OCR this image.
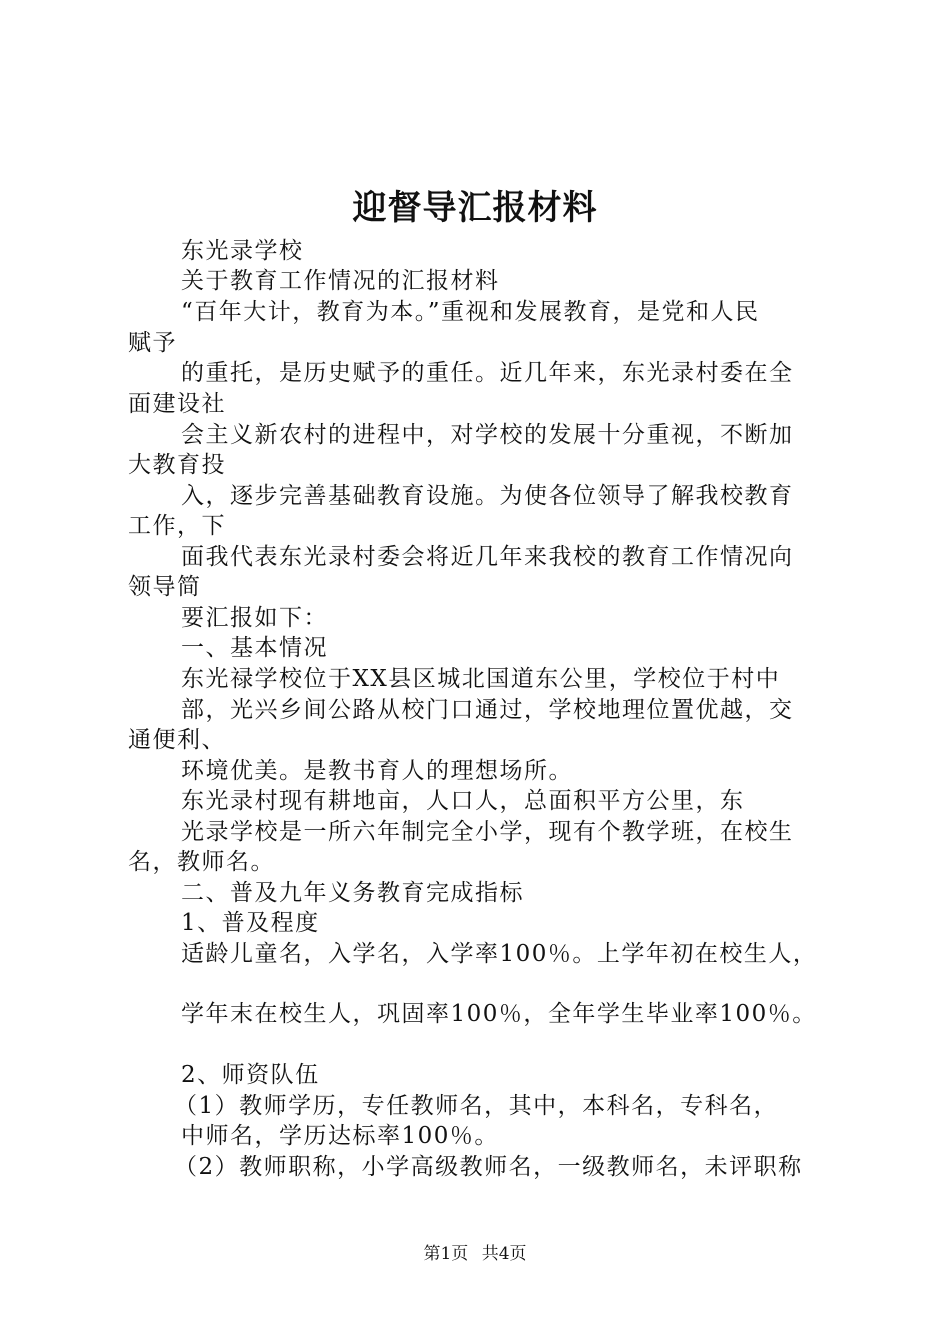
迎督导汇报材料
东光录学校
关于教育工作情况的汇报材料
“百年大计，教育为本。”重视和发展教育，是党和人民
赋予
的重托，是历史赋予的重任。近几年来，东光录村委在全
面建设社
会主义新农村的进程中，对学校的发展十分重视，不断加
大教育投
入，逐步完善基础教育设施。为使各位领导了解我校教育
工作，下
面我代表东光录村委会将近几年来我校的教育工作情况向
领导简
要汇报如下：
一、基本情况
东光禄学校位于XX县区城北国道东公里，学校位于村中
部，光兴乡间公路从校门口通过，学校地理位置优越，交
通便利、
环境优美。是教书育人的理想场所。
东光录村现有耕地亩，人口人，总面积平方公里，东
光录学校是一所六年制完全小学，现有个教学班，在校生
名，教师名。
二、普及九年义务教育完成指标
1、普及程度
适龄儿童名，入学名，入学率100％。上学年初在校生人，
学年末在校生人，巩固率100％，全年学生毕业率100％。
2、师资队伍
（1）教师学历，专任教师名，其中，本科名，专科名，
中师名，学历达标率100％。
（2）教师职称，小学高级教师名，一级教师名，未评职称
第1页 共4页
